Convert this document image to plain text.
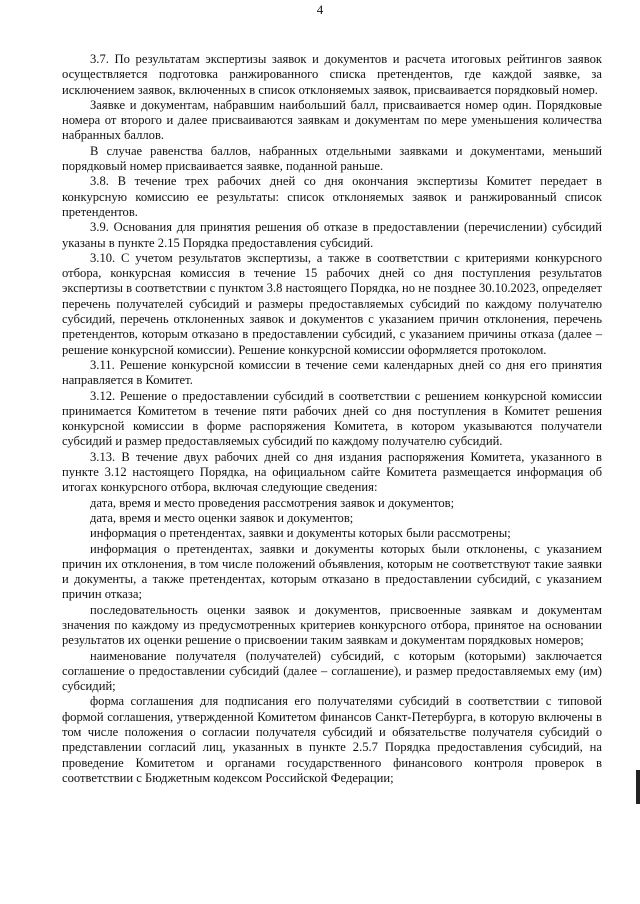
4

3.7. По результатам экспертизы заявок и документов и расчета итоговых рейтингов заявок осуществляется подготовка ранжированного списка претендентов, где каждой заявке, за исключением заявок, включенных в список отклоняемых заявок, присваивается порядковый номер.

Заявке и документам, набравшим наибольший балл, присваивается номер один. Порядковые номера от второго и далее присваиваются заявкам и документам по мере уменьшения количества набранных баллов.

В случае равенства баллов, набранных отдельными заявками и документами, меньший порядковый номер присваивается заявке, поданной раньше.

3.8. В течение трех рабочих дней со дня окончания экспертизы Комитет передает в конкурсную комиссию ее результаты: список отклоняемых заявок и ранжированный список претендентов.

3.9. Основания для принятия решения об отказе в предоставлении (перечислении) субсидий указаны в пункте 2.15 Порядка предоставления субсидий.

3.10. С учетом результатов экспертизы, а также в соответствии с критериями конкурсного отбора, конкурсная комиссия в течение 15 рабочих дней со дня поступления результатов экспертизы в соответствии с пунктом 3.8 настоящего Порядка, но не позднее 30.10.2023, определяет перечень получателей субсидий и размеры предоставляемых субсидий по каждому получателю субсидий, перечень отклоненных заявок и документов с указанием причин отклонения, перечень претендентов, которым отказано в предоставлении субсидий, с указанием причины отказа (далее – решение конкурсной комиссии). Решение конкурсной комиссии оформляется протоколом.

3.11. Решение конкурсной комиссии в течение семи календарных дней со дня его принятия направляется в Комитет.

3.12. Решение о предоставлении субсидий в соответствии с решением конкурсной комиссии принимается Комитетом в течение пяти рабочих дней со дня поступления в Комитет решения конкурсной комиссии в форме распоряжения Комитета, в котором указываются получатели субсидий и размер предоставляемых субсидий по каждому получателю субсидий.

3.13. В течение двух рабочих дней со дня издания распоряжения Комитета, указанного в пункте 3.12 настоящего Порядка, на официальном сайте Комитета размещается информация об итогах конкурсного отбора, включая следующие сведения:

дата, время и место проведения рассмотрения заявок и документов;

дата, время и место оценки заявок и документов;

информация о претендентах, заявки и документы которых были рассмотрены;

информация о претендентах, заявки и документы которых были отклонены, с указанием причин их отклонения, в том числе положений объявления, которым не соответствуют такие заявки и документы, а также претендентах, которым отказано в предоставлении субсидий, с указанием причин отказа;

последовательность оценки заявок и документов, присвоенные заявкам и документам значения по каждому из предусмотренных критериев конкурсного отбора, принятое на основании результатов их оценки решение о присвоении таким заявкам и документам порядковых номеров;

наименование получателя (получателей) субсидий, с которым (которыми) заключается соглашение о предоставлении субсидий (далее – соглашение), и размер предоставляемых ему (им) субсидий;

форма соглашения для подписания его получателями субсидий в соответствии с типовой формой соглашения, утвержденной Комитетом финансов Санкт-Петербурга, в которую включены в том числе положения о согласии получателя субсидий и обязательстве получателя субсидий о представлении согласий лиц, указанных в пункте 2.5.7 Порядка предоставления субсидий, на проведение Комитетом и органами государственного финансового контроля проверок в соответствии с Бюджетным кодексом Российской Федерации;
